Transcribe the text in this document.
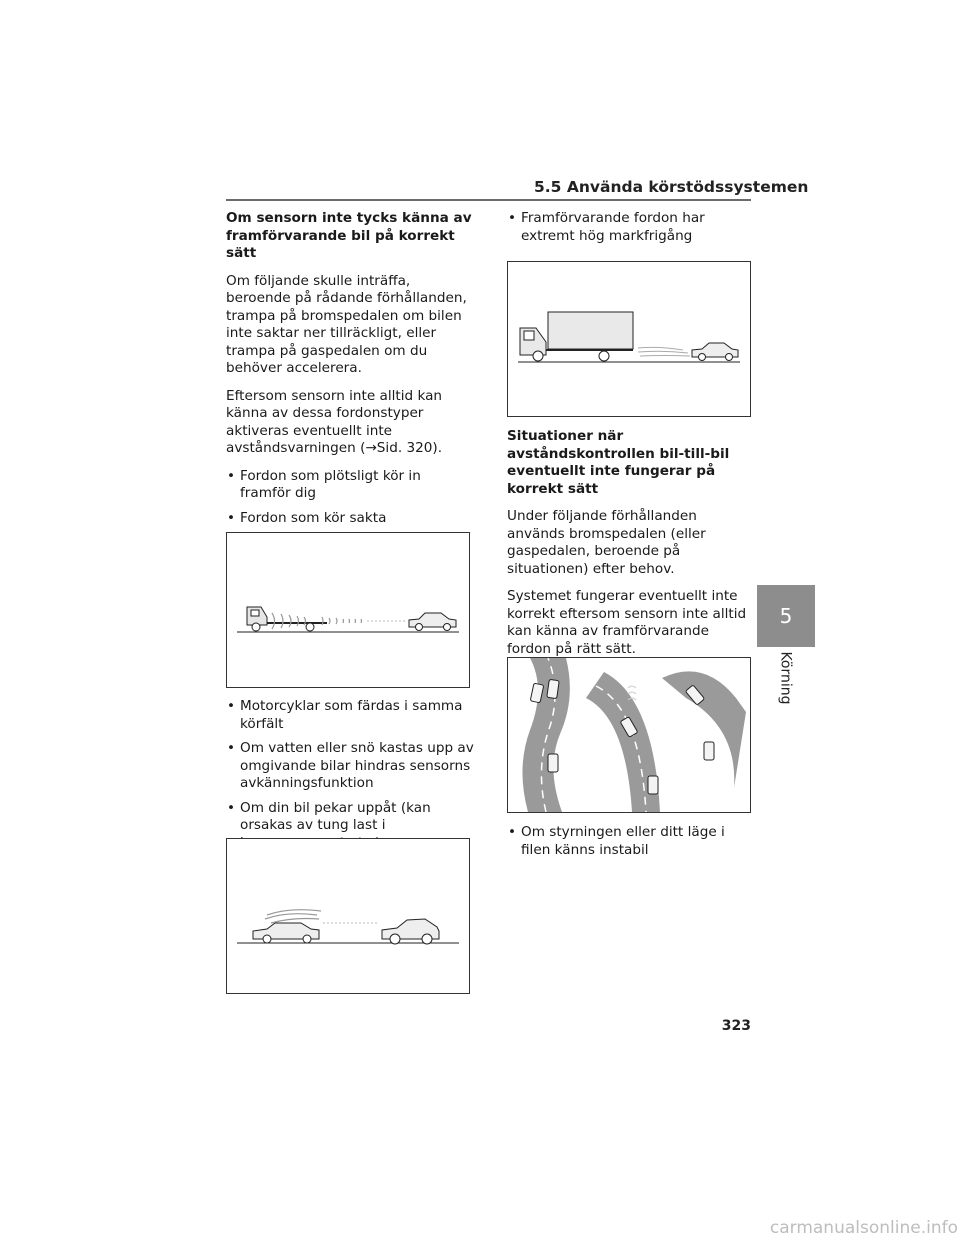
5.5 Använda körstödssystemen
Om sensorn inte tycks känna av framförvarande bil på korrekt sätt
Om följande skulle inträffa, beroende på rådande förhållanden, trampa på bromspedalen om bilen inte saktar ner tillräckligt, eller trampa på gaspedalen om du behöver accelerera.
Eftersom sensorn inte alltid kan känna av dessa fordonstyper aktiveras eventuellt inte avståndsvarningen (→Sid. 320).
• Fordon som plötsligt kör in framför dig
• Fordon som kör sakta
• Motorcyklar som färdas i samma körfält
• Om vatten eller snö kastas upp av omgivande bilar hindras sensorns avkänningsfunktion
• Om din bil pekar uppåt (kan orsakas av tung last i
• Framförvarande fordon har extremt hög markfrigång
Situationer när avståndskontrollen bil-till-bil eventuellt inte fungerar på korrekt sätt
Under följande förhållanden används bromspedalen (eller gaspedalen, beroende på situationen) efter behov.
Systemet fungerar eventuellt inte korrekt eftersom sensorn inte alltid kan känna av framförvarande fordon på rätt sätt.
• Om styrningen eller ditt läge i filen känns instabil
5
Körning
323
carmanualsonline.info
